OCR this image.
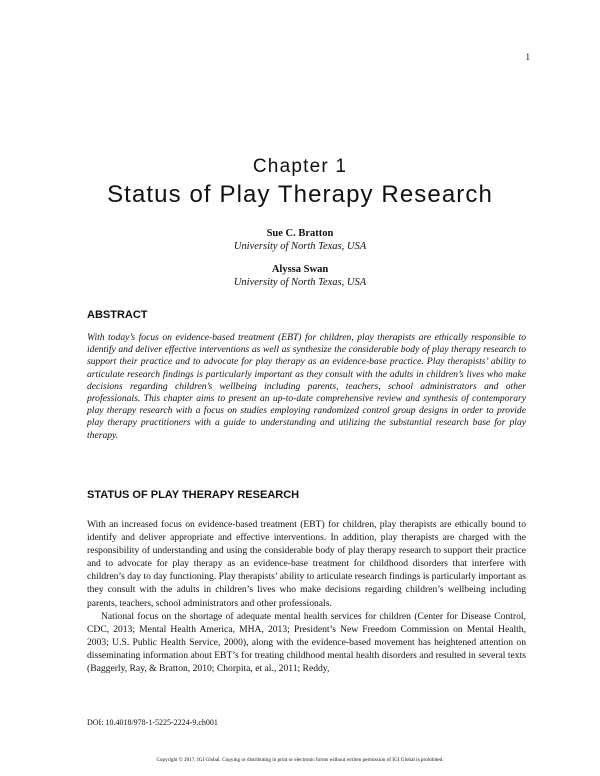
1
Chapter 1
Status of Play Therapy Research
Sue C. Bratton
University of North Texas, USA
Alyssa Swan
University of North Texas, USA
ABSTRACT

With today’s focus on evidence-based treatment (EBT) for children, play therapists are ethically responsible to identify and deliver effective interventions as well as synthesize the considerable body of play therapy research to support their practice and to advocate for play therapy as an evidence-base practice. Play therapists’ ability to articulate research findings is particularly important as they consult with the adults in children’s lives who make decisions regarding children’s wellbeing including parents, teachers, school administrators and other professionals. This chapter aims to present an up-to-date comprehensive review and synthesis of contemporary play therapy research with a focus on studies employing randomized control group designs in order to provide play therapy practitioners with a guide to understanding and utilizing the substantial research base for play therapy.

STATUS OF PLAY THERAPY RESEARCH

With an increased focus on evidence-based treatment (EBT) for children, play therapists are ethically bound to identify and deliver appropriate and effective interventions. In addition, play therapists are charged with the responsibility of understanding and using the considerable body of play therapy research to support their practice and to advocate for play therapy as an evidence-base treatment for childhood disorders that interfere with children’s day to day functioning. Play therapists’ ability to articulate research findings is particularly important as they consult with the adults in children’s lives who make decisions regarding children’s wellbeing including parents, teachers, school administrators and other professionals.

National focus on the shortage of adequate mental health services for children (Center for Disease Control, CDC, 2013; Mental Health America, MHA, 2013; President’s New Freedom Commission on Mental Health, 2003; U.S. Public Health Service, 2000), along with the evidence-based movement has heightened attention on disseminating information about EBT’s for treating childhood mental health disorders and resulted in several texts (Baggerly, Ray, & Bratton, 2010; Chorpita, et al., 2011; Reddy,

DOI: 10.4018/978-1-5225-2224-9.ch001
Copyright © 2017, IGI Global. Copying or distributing in print or electronic forms without written permission of IGI Global is prohibited.
